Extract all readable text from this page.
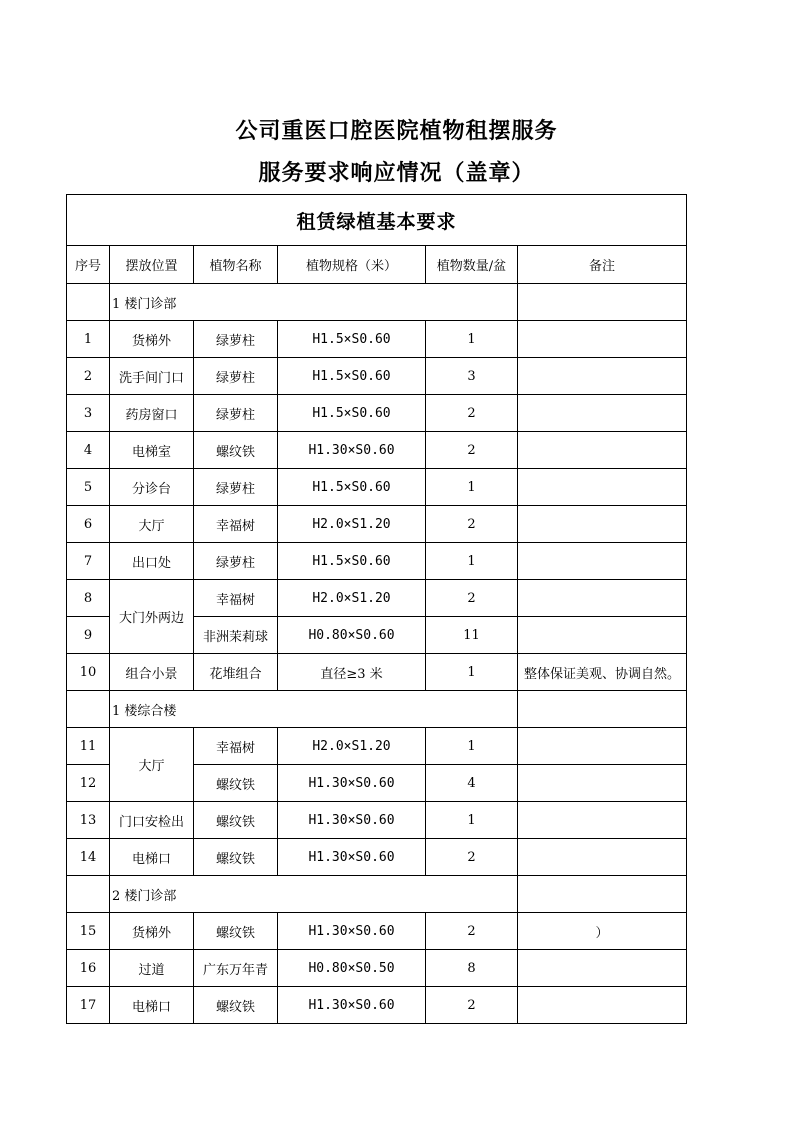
公司重医口腔医院植物租摆服务
服务要求响应情况（盖章）
租赁绿植基本要求					
序号	摆放位置	植物名称	植物规格（米）	植物数量/盆	备注
	1 楼门诊部				
1	货梯外	绿萝柱	H1.5×S0.60	1	
2	洗手间门口	绿萝柱	H1.5×S0.60	3	
3	药房窗口	绿萝柱	H1.5×S0.60	2	
4	电梯室	螺纹铁	H1.30×S0.60	2	
5	分诊台	绿萝柱	H1.5×S0.60	1	
6	大厅	幸福树	H2.0×S1.20	2	
7	出口处	绿萝柱	H1.5×S0.60	1	
8	大门外两边	幸福树	H2.0×S1.20	2	
9		非洲茉莉球	H0.80×S0.60	11	
10	组合小景	花堆组合	直径≥3 米	1	整体保证美观、协调自然。
	1 楼综合楼				
11	大厅	幸福树	H2.0×S1.20	1	
12		螺纹铁	H1.30×S0.60	4	
13	门口安检出	螺纹铁	H1.30×S0.60	1	
14	电梯口	螺纹铁	H1.30×S0.60	2	
	2 楼门诊部				
15	货梯外	螺纹铁	H1.30×S0.60	2	）
16	过道	广东万年青	H0.80×S0.50	8	
17	电梯口	螺纹铁	H1.30×S0.60	2	
